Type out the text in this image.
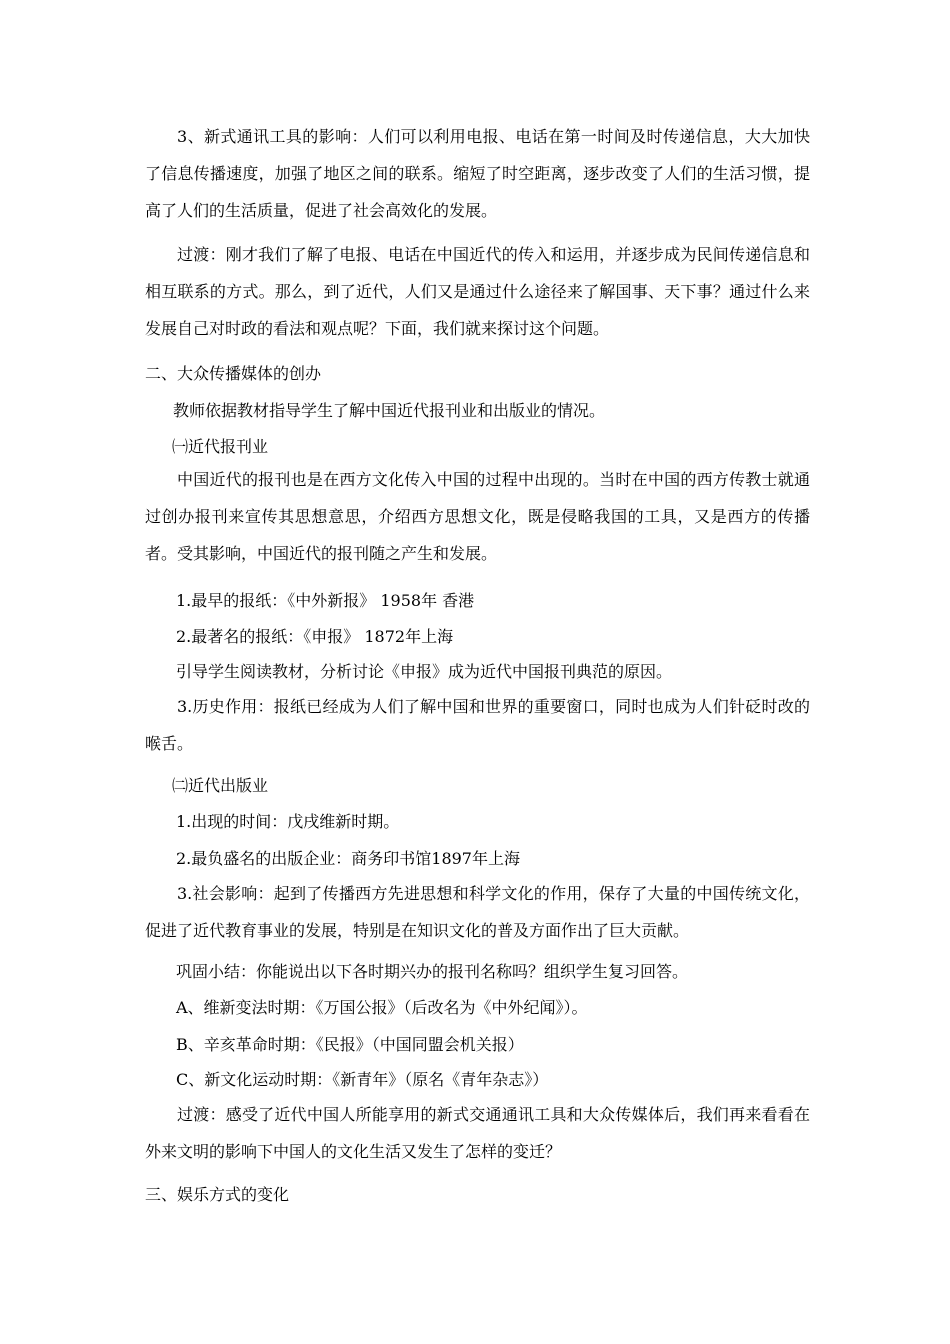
3、新式通讯工具的影响：人们可以利用电报、电话在第一时间及时传递信息，大大加快了信息传播速度，加强了地区之间的联系。缩短了时空距离，逐步改变了人们的生活习惯，提高了人们的生活质量，促进了社会高效化的发展。

过渡：刚才我们了解了电报、电话在中国近代的传入和运用，并逐步成为民间传递信息和相互联系的方式。那么，到了近代，人们又是通过什么途径来了解国事、天下事？通过什么来发展自己对时政的看法和观点呢？下面，我们就来探讨这个问题。

二、大众传播媒体的创办
教师依据教材指导学生了解中国近代报刊业和出版业的情况。
㈠近代报刊业

中国近代的报刊也是在西方文化传入中国的过程中出现的。当时在中国的西方传教士就通过创办报刊来宣传其思想意思，介绍西方思想文化，既是侵略我国的工具，又是西方的传播者。受其影响，中国近代的报刊随之产生和发展。

1.最早的报纸：《中外新报》 1958年 香港
2.最著名的报纸：《申报》 1872年上海
引导学生阅读教材，分析讨论《申报》成为近代中国报刊典范的原因。

3.历史作用：报纸已经成为人们了解中国和世界的重要窗口，同时也成为人们针砭时改的喉舌。

㈡近代出版业
1.出现的时间：戊戌维新时期。
2.最负盛名的出版企业：商务印书馆1897年上海

3.社会影响：起到了传播西方先进思想和科学文化的作用，保存了大量的中国传统文化，促进了近代教育事业的发展，特别是在知识文化的普及方面作出了巨大贡献。

巩固小结：你能说出以下各时期兴办的报刊名称吗？组织学生复习回答。
A、维新变法时期：《万国公报》（后改名为《中外纪闻》）。
B、辛亥革命时期：《民报》（中国同盟会机关报）
C、新文化运动时期：《新青年》（原名《青年杂志》）

过渡：感受了近代中国人所能享用的新式交通通讯工具和大众传媒体后，我们再来看看在外来文明的影响下中国人的文化生活又发生了怎样的变迁？

三、娱乐方式的变化
